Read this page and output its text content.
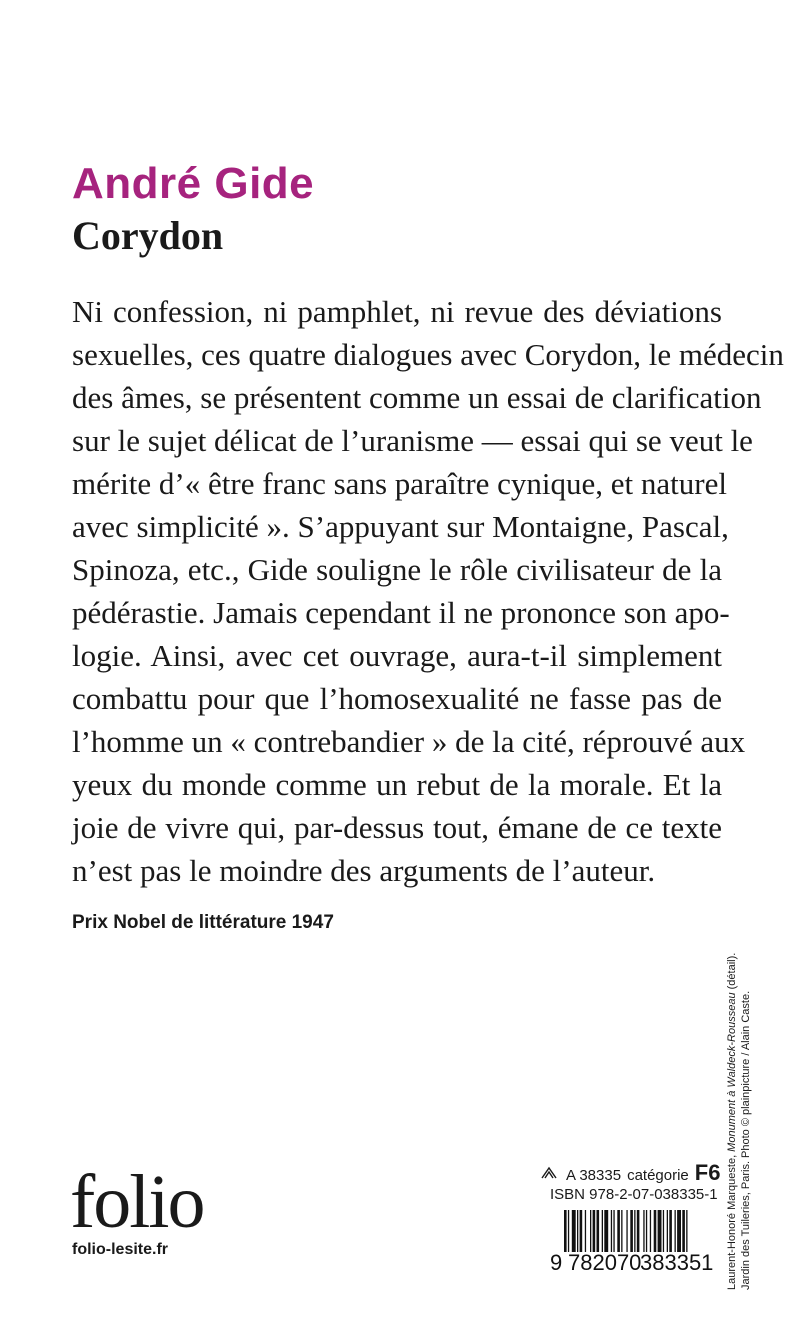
André Gide
Corydon
Ni confession, ni pamphlet, ni revue des déviations
sexuelles, ces quatre dialogues avec Corydon, le médecin
des âmes, se présentent comme un essai de clarification
sur le sujet délicat de l’uranisme — essai qui se veut le
mérite d’« être franc sans paraître cynique, et naturel
avec simplicité ». S’appuyant sur Montaigne, Pascal,
Spinoza, etc., Gide souligne le rôle civilisateur de la
pédérastie. Jamais cependant il ne prononce son apo-
logie. Ainsi, avec cet ouvrage, aura-t-il simplement
combattu pour que l’homosexualité ne fasse pas de
l’homme un « contrebandier » de la cité, réprouvé aux
yeux du monde comme un rebut de la morale. Et la
joie de vivre qui, par-dessus tout, émane de ce texte
n’est pas le moindre des arguments de l’auteur.

Prix Nobel de littérature 1947

folio
folio-lesite.fr
A 38335 catégorie F6

ISBN 978-2-07-038335-1

9 782070
383351 Laurent-Honoré Marqueste, Monument à Waldeck-Rousseau (détail).
Jardin des Tuileries, Paris. Photo © plainpicture / Alain Caste.
